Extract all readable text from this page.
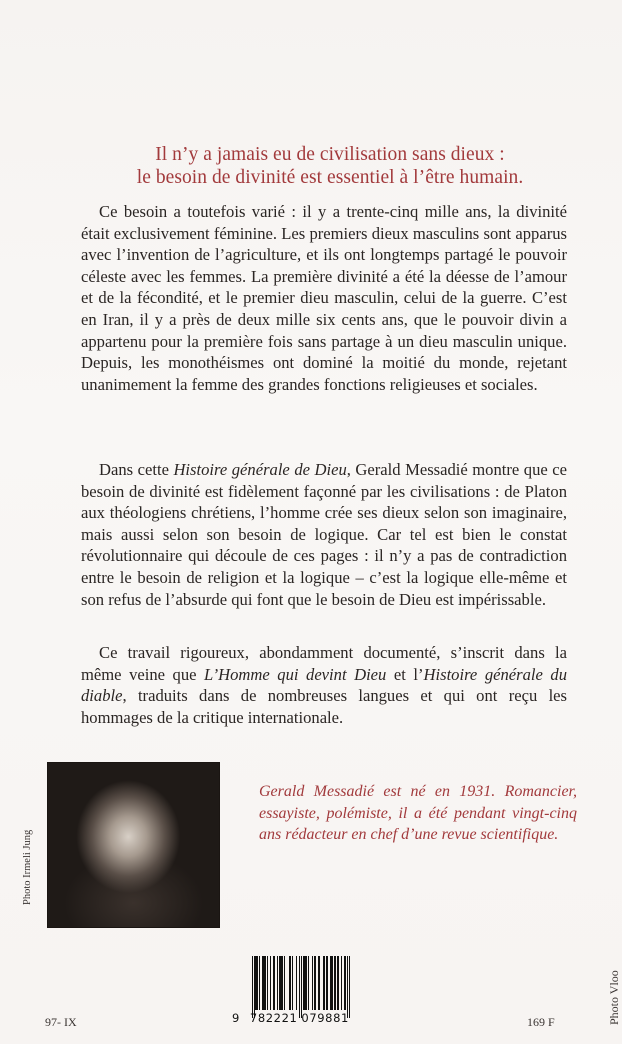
Il n’y a jamais eu de civilisation sans dieux :
le besoin de divinité est essentiel à l’être humain.
Ce besoin a toutefois varié : il y a trente-cinq mille ans, la divinité était exclusivement féminine. Les premiers dieux masculins sont apparus avec l’invention de l’agriculture, et ils ont longtemps partagé le pouvoir céleste avec les femmes. La première divinité a été la déesse de l’amour et de la fécondité, et le premier dieu masculin, celui de la guerre. C’est en Iran, il y a près de deux mille six cents ans, que le pouvoir divin a appartenu pour la première fois sans partage à un dieu masculin unique. Depuis, les monothéismes ont dominé la moitié du monde, rejetant unanimement la femme des grandes fonctions religieuses et sociales.
Dans cette Histoire générale de Dieu, Gerald Messadié montre que ce besoin de divinité est fidèlement façonné par les civilisations : de Platon aux théologiens chrétiens, l’homme crée ses dieux selon son imaginaire, mais aussi selon son besoin de logique. Car tel est bien le constat révolutionnaire qui découle de ces pages : il n’y a pas de contradiction entre le besoin de religion et la logique – c’est la logique elle-même et son refus de l’absurde qui font que le besoin de Dieu est impérissable.
Ce travail rigoureux, abondamment documenté, s’inscrit dans la même veine que L’Homme qui devint Dieu et l’Histoire générale du diable, traduits dans de nombreuses langues et qui ont reçu les hommages de la critique internationale.
Photo Irmeli Jung
Gerald Messadié est né en 1931. Romancier, essayiste, polémiste, il a été pendant vingt-cinq ans rédacteur en chef d’une revue scientifique.
9 782221 079881
97- IX	169 F	Photo Vloo
